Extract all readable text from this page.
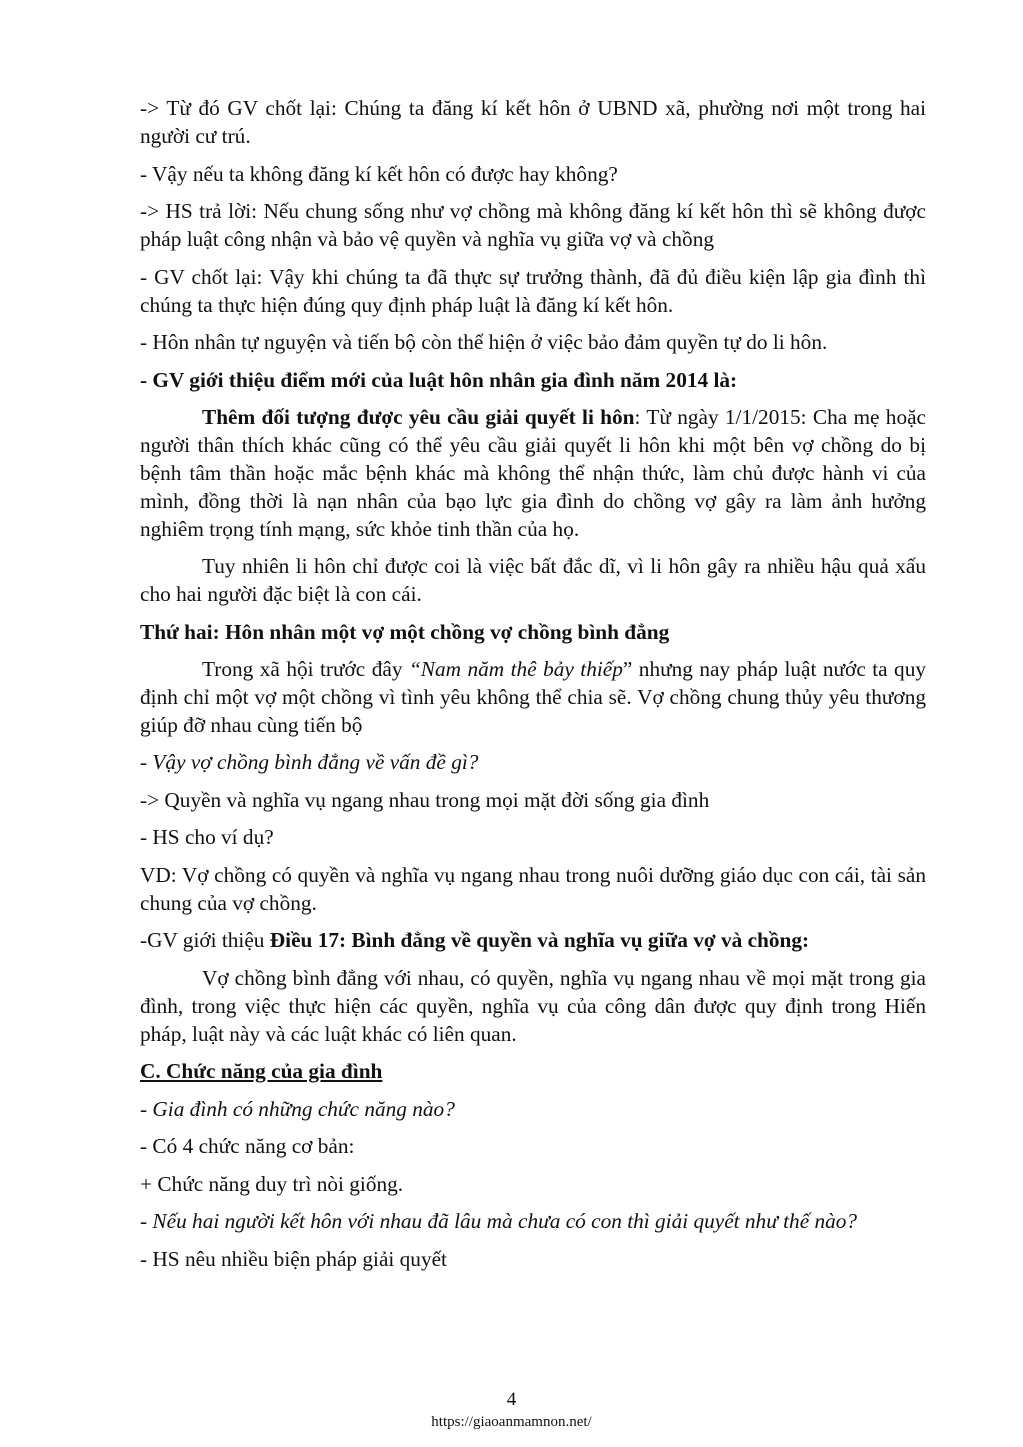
-> Từ đó GV chốt lại: Chúng ta đăng kí kết hôn ở UBND xã, phường nơi một trong hai người cư trú.

- Vậy nếu ta không đăng kí kết hôn có được hay không?

-> HS trả lời: Nếu chung sống như vợ chồng mà không đăng kí kết hôn thì sẽ không được pháp luật công nhận và bảo vệ quyền và nghĩa vụ giữa vợ và chồng

- GV chốt lại: Vậy khi chúng ta đã thực sự trưởng thành, đã đủ điều kiện lập gia đình thì chúng ta thực hiện đúng quy định pháp luật là đăng kí kết hôn.

- Hôn nhân tự nguyện và tiến bộ còn thể hiện ở việc bảo đảm quyền tự do li hôn.

- GV giới thiệu điểm mới của luật hôn nhân gia đình năm 2014 là:

Thêm đối tượng được yêu cầu giải quyết li hôn: Từ ngày 1/1/2015: Cha mẹ hoặc người thân thích khác cũng có thể yêu cầu giải quyết li hôn khi một bên vợ chồng do bị bệnh tâm thần hoặc mắc bệnh khác mà không thể nhận thức, làm chủ được hành vi của mình, đồng thời là nạn nhân của bạo lực gia đình do chồng vợ gây ra làm ảnh hưởng nghiêm trọng tính mạng, sức khỏe tinh thần của họ.

Tuy nhiên li hôn chỉ được coi là việc bất đắc dĩ, vì li hôn gây ra nhiều hậu quả xấu cho hai người đặc biệt là con cái.

Thứ hai: Hôn nhân một vợ một chồng vợ chồng bình đẳng

Trong xã hội trước đây “Nam năm thê bảy thiếp” nhưng nay pháp luật nước ta quy định chỉ một vợ một chồng vì tình yêu không thể chia sẽ. Vợ chồng chung thủy yêu thương giúp đỡ nhau cùng tiến bộ

- Vậy vợ chồng bình đẳng về vấn đề gì?

-> Quyền và nghĩa vụ ngang nhau trong mọi mặt đời sống gia đình

- HS cho ví dụ?

VD: Vợ chồng có quyền và nghĩa vụ ngang nhau trong nuôi dưỡng giáo dục con cái, tài sản chung của vợ chồng.

-GV giới thiệu Điều 17: Bình đẳng về quyền và nghĩa vụ giữa vợ và chồng:

Vợ chồng bình đẳng với nhau, có quyền, nghĩa vụ ngang nhau về mọi mặt trong gia đình, trong việc thực hiện các quyền, nghĩa vụ của công dân được quy định trong Hiến pháp, luật này và các luật khác có liên quan.

C. Chức năng của gia đình

- Gia đình có những chức năng nào?

- Có 4 chức năng cơ bản:

+ Chức năng duy trì nòi giống.

- Nếu hai người kết hôn với nhau đã lâu mà chưa có con thì giải quyết như thế nào?

- HS nêu nhiều biện pháp giải quyết

4
https://giaoanmamnon.net/
